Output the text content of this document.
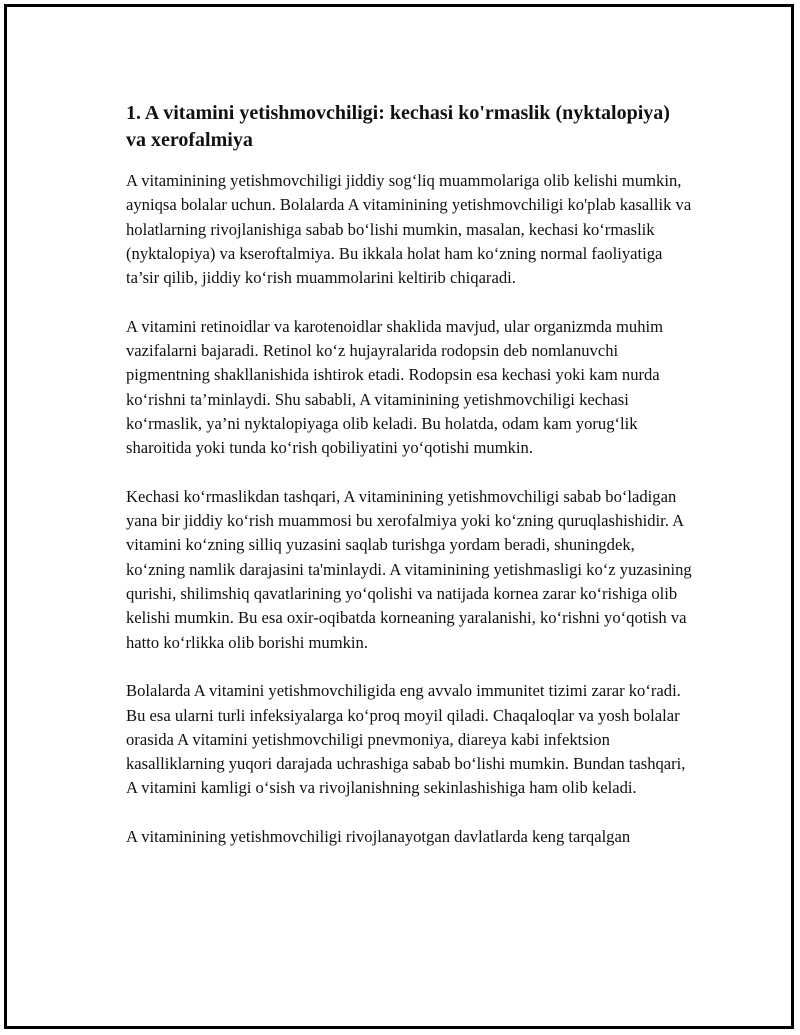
1. A vitamini yetishmovchiligi: kechasi ko'rmaslik (nyktalopiya) va xerofalmiya

A vitaminining yetishmovchiligi jiddiy sog‘liq muammolariga olib kelishi mumkin, ayniqsa bolalar uchun. Bolalarda A vitaminining yetishmovchiligi ko'plab kasallik va holatlarning rivojlanishiga sabab bo‘lishi mumkin, masalan, kechasi ko‘rmaslik (nyktalopiya) va kseroftalmiya. Bu ikkala holat ham ko‘zning normal faoliyatiga ta’sir qilib, jiddiy ko‘rish muammolarini keltirib chiqaradi.

A vitamini retinoidlar va karotenoidlar shaklida mavjud, ular organizmda muhim vazifalarni bajaradi. Retinol ko‘z hujayralarida rodopsin deb nomlanuvchi pigmentning shakllanishida ishtirok etadi. Rodopsin esa kechasi yoki kam nurda ko‘rishni ta’minlaydi. Shu sababli, A vitaminining yetishmovchiligi kechasi ko‘rmaslik, ya’ni nyktalopiyaga olib keladi. Bu holatda, odam kam yorug‘lik sharoitida yoki tunda ko‘rish qobiliyatini yo‘qotishi mumkin.

Kechasi ko‘rmaslikdan tashqari, A vitaminining yetishmovchiligi sabab bo‘ladigan yana bir jiddiy ko‘rish muammosi bu xerofalmiya yoki ko‘zning quruqlashishidir. A vitamini ko‘zning silliq yuzasini saqlab turishga yordam beradi, shuningdek, ko‘zning namlik darajasini ta'minlaydi. A vitaminining yetishmasligi ko‘z yuzasining qurishi, shilimshiq qavatlarining yo‘qolishi va natijada kornea zarar ko‘rishiga olib kelishi mumkin. Bu esa oxir-oqibatda korneaning yaralanishi, ko‘rishni yo‘qotish va hatto ko‘rlikka olib borishi mumkin.

Bolalarda A vitamini yetishmovchiligida eng avvalo immunitet tizimi zarar ko‘radi. Bu esa ularni turli infeksiyalarga ko‘proq moyil qiladi. Chaqaloqlar va yosh bolalar orasida A vitamini yetishmovchiligi pnevmoniya, diareya kabi infektsion kasalliklarning yuqori darajada uchrashiga sabab bo‘lishi mumkin. Bundan tashqari, A vitamini kamligi o‘sish va rivojlanishning sekinlashishiga ham olib keladi.

A vitaminining yetishmovchiligi rivojlanayotgan davlatlarda keng tarqalgan
